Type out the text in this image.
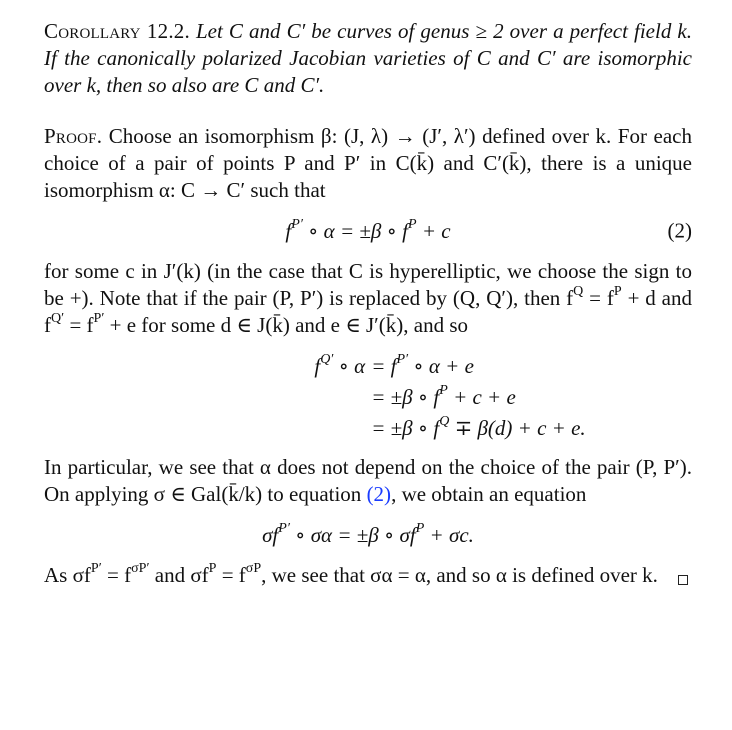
Corollary 12.2. Let C and C′ be curves of genus ≥ 2 over a perfect field k. If the canonically polarized Jacobian varieties of C and C′ are isomorphic over k, then so also are C and C′.

Proof. Choose an isomorphism β: (J, λ) → (J′, λ′) defined over k. For each choice of a pair of points P and P′ in C(k̄) and C′(k̄), there is a unique isomorphism α: C → C′ such that

$f^{P'}$ ∘ α = ±β ∘ $f^P + c$	(2)

for some c in J′(k) (in the case that C is hyperelliptic, we choose the sign to be +). Note that if the pair (P, P′) is replaced by (Q, Q′), then $f^Q = f^P + d$ and $f^{Q'} = f^{P'} + e$ for some d ∈ J(k̄) and e ∈ J′(k̄), and so

$f^{Q'}$ ∘ $\alpha = f^{P'}$ ∘ α + e
= ±β ∘ $f^P + c + e$
= ±β ∘ $f^Q \mp \beta(d) + c + e$.

In particular, we see that α does not depend on the choice of the pair (P, P′). On applying σ ∈ Gal(k̄/k) to equation (2), we obtain an equation

$\sigma f^{P'}$ ∘ σα = ±β ∘ $\sigma f^P + \sigma c$.

As $\sigma f^{P'} = f^{\sigma P'}$ and $\sigma f^P = f^{\sigma P}$, we see that σα = α, and so α is defined over k.
